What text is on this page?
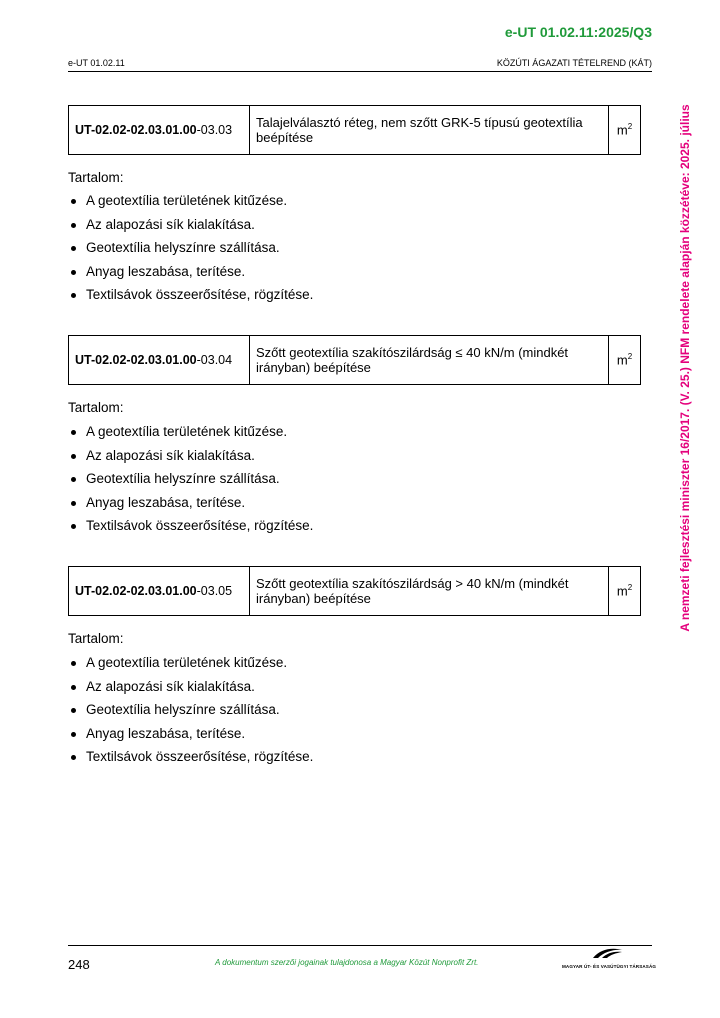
e-UT 01.02.11:2025/Q3
e-UT 01.02.11	KÖZÚTI ÁGAZATI TÉTELREND (KÁT)
A nemzeti fejlesztési miniszter 16/2017. (V. 25.) NFM rendelete alapján közzétéve: 2025. július
UT-02.02-02.03.01.00-03.03	Talajelválasztó réteg, nem szőtt GRK-5 típusú geotextília beépítése	$m^2$
Tartalom:
A geotextília területének kitűzése.
Az alapozási sík kialakítása.
Geotextília helyszínre szállítása.
Anyag leszabása, terítése.
Textilsávok összeerősítése, rögzítése.
UT-02.02-02.03.01.00-03.04	Szőtt geotextília szakítószilárdság ≤ 40 kN/m (mindkét irányban) beépítése	$m^2$
Tartalom:
A geotextília területének kitűzése.
Az alapozási sík kialakítása.
Geotextília helyszínre szállítása.
Anyag leszabása, terítése.
Textilsávok összeerősítése, rögzítése.
UT-02.02-02.03.01.00-03.05	Szőtt geotextília szakítószilárdság > 40 kN/m (mindkét irányban) beépítése	$m^2$
Tartalom:
A geotextília területének kitűzése.
Az alapozási sík kialakítása.
Geotextília helyszínre szállítása.
Anyag leszabása, terítése.
Textilsávok összeerősítése, rögzítése.
248	A dokumentum szerzői jogainak tulajdonosa a Magyar Közút Nonprofit Zrt.	MAGYAR ÚT- ÉS VASÚTÜGYI TÁRSASÁG
